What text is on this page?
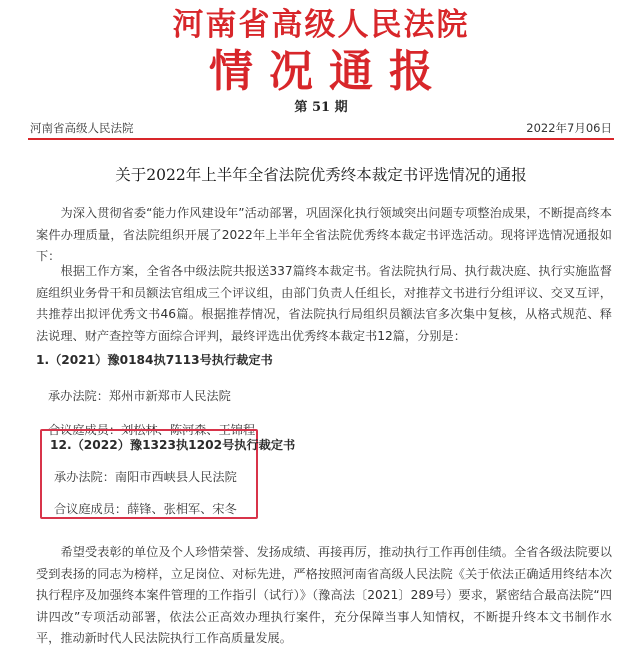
河南省高级人民法院
情况通报
第 51 期
河南省高级人民法院	2022年7月06日
关于2022年上半年全省法院优秀终本裁定书评选情况的通报

为深入贯彻省委“能力作风建设年”活动部署，巩固深化执行领域突出问题专项整治成果，不断提高终本案件办理质量，省法院组织开展了2022年上半年全省法院优秀终本裁定书评选活动。现将评选情况通报如下：

根据工作方案，全省各中级法院共报送337篇终本裁定书。省法院执行局、执行裁决庭、执行实施监督庭组织业务骨干和员额法官组成三个评议组，由部门负责人任组长，对推荐文书进行分组评议、交叉互评，共推荐出拟评优秀文书46篇。根据推荐情况，省法院执行局组织员额法官多次集中复核，从格式规范、释法说理、财产查控等方面综合评判，最终评选出优秀终本裁定书12篇，分别是：

1.（2021）豫0184执7113号执行裁定书
承办法院：郑州市新郑市人民法院
合议庭成员：刘松林、陈河森、王锦程
12.（2022）豫1323执1202号执行裁定书
承办法院：南阳市西峡县人民法院
合议庭成员：薛锋、张相军、宋冬

希望受表彰的单位及个人珍惜荣誉、发扬成绩、再接再厉，推动执行工作再创佳绩。全省各级法院要以受到表扬的同志为榜样，立足岗位、对标先进，严格按照河南省高级人民法院《关于依法正确适用终结本次执行程序及加强终本案件管理的工作指引（试行）》（豫高法〔2021〕289号）要求，紧密结合最高法院“四讲四改”专项活动部署，依法公正高效办理执行案件，充分保障当事人知情权，不断提升终本文书制作水平，推动新时代人民法院执行工作高质量发展。
